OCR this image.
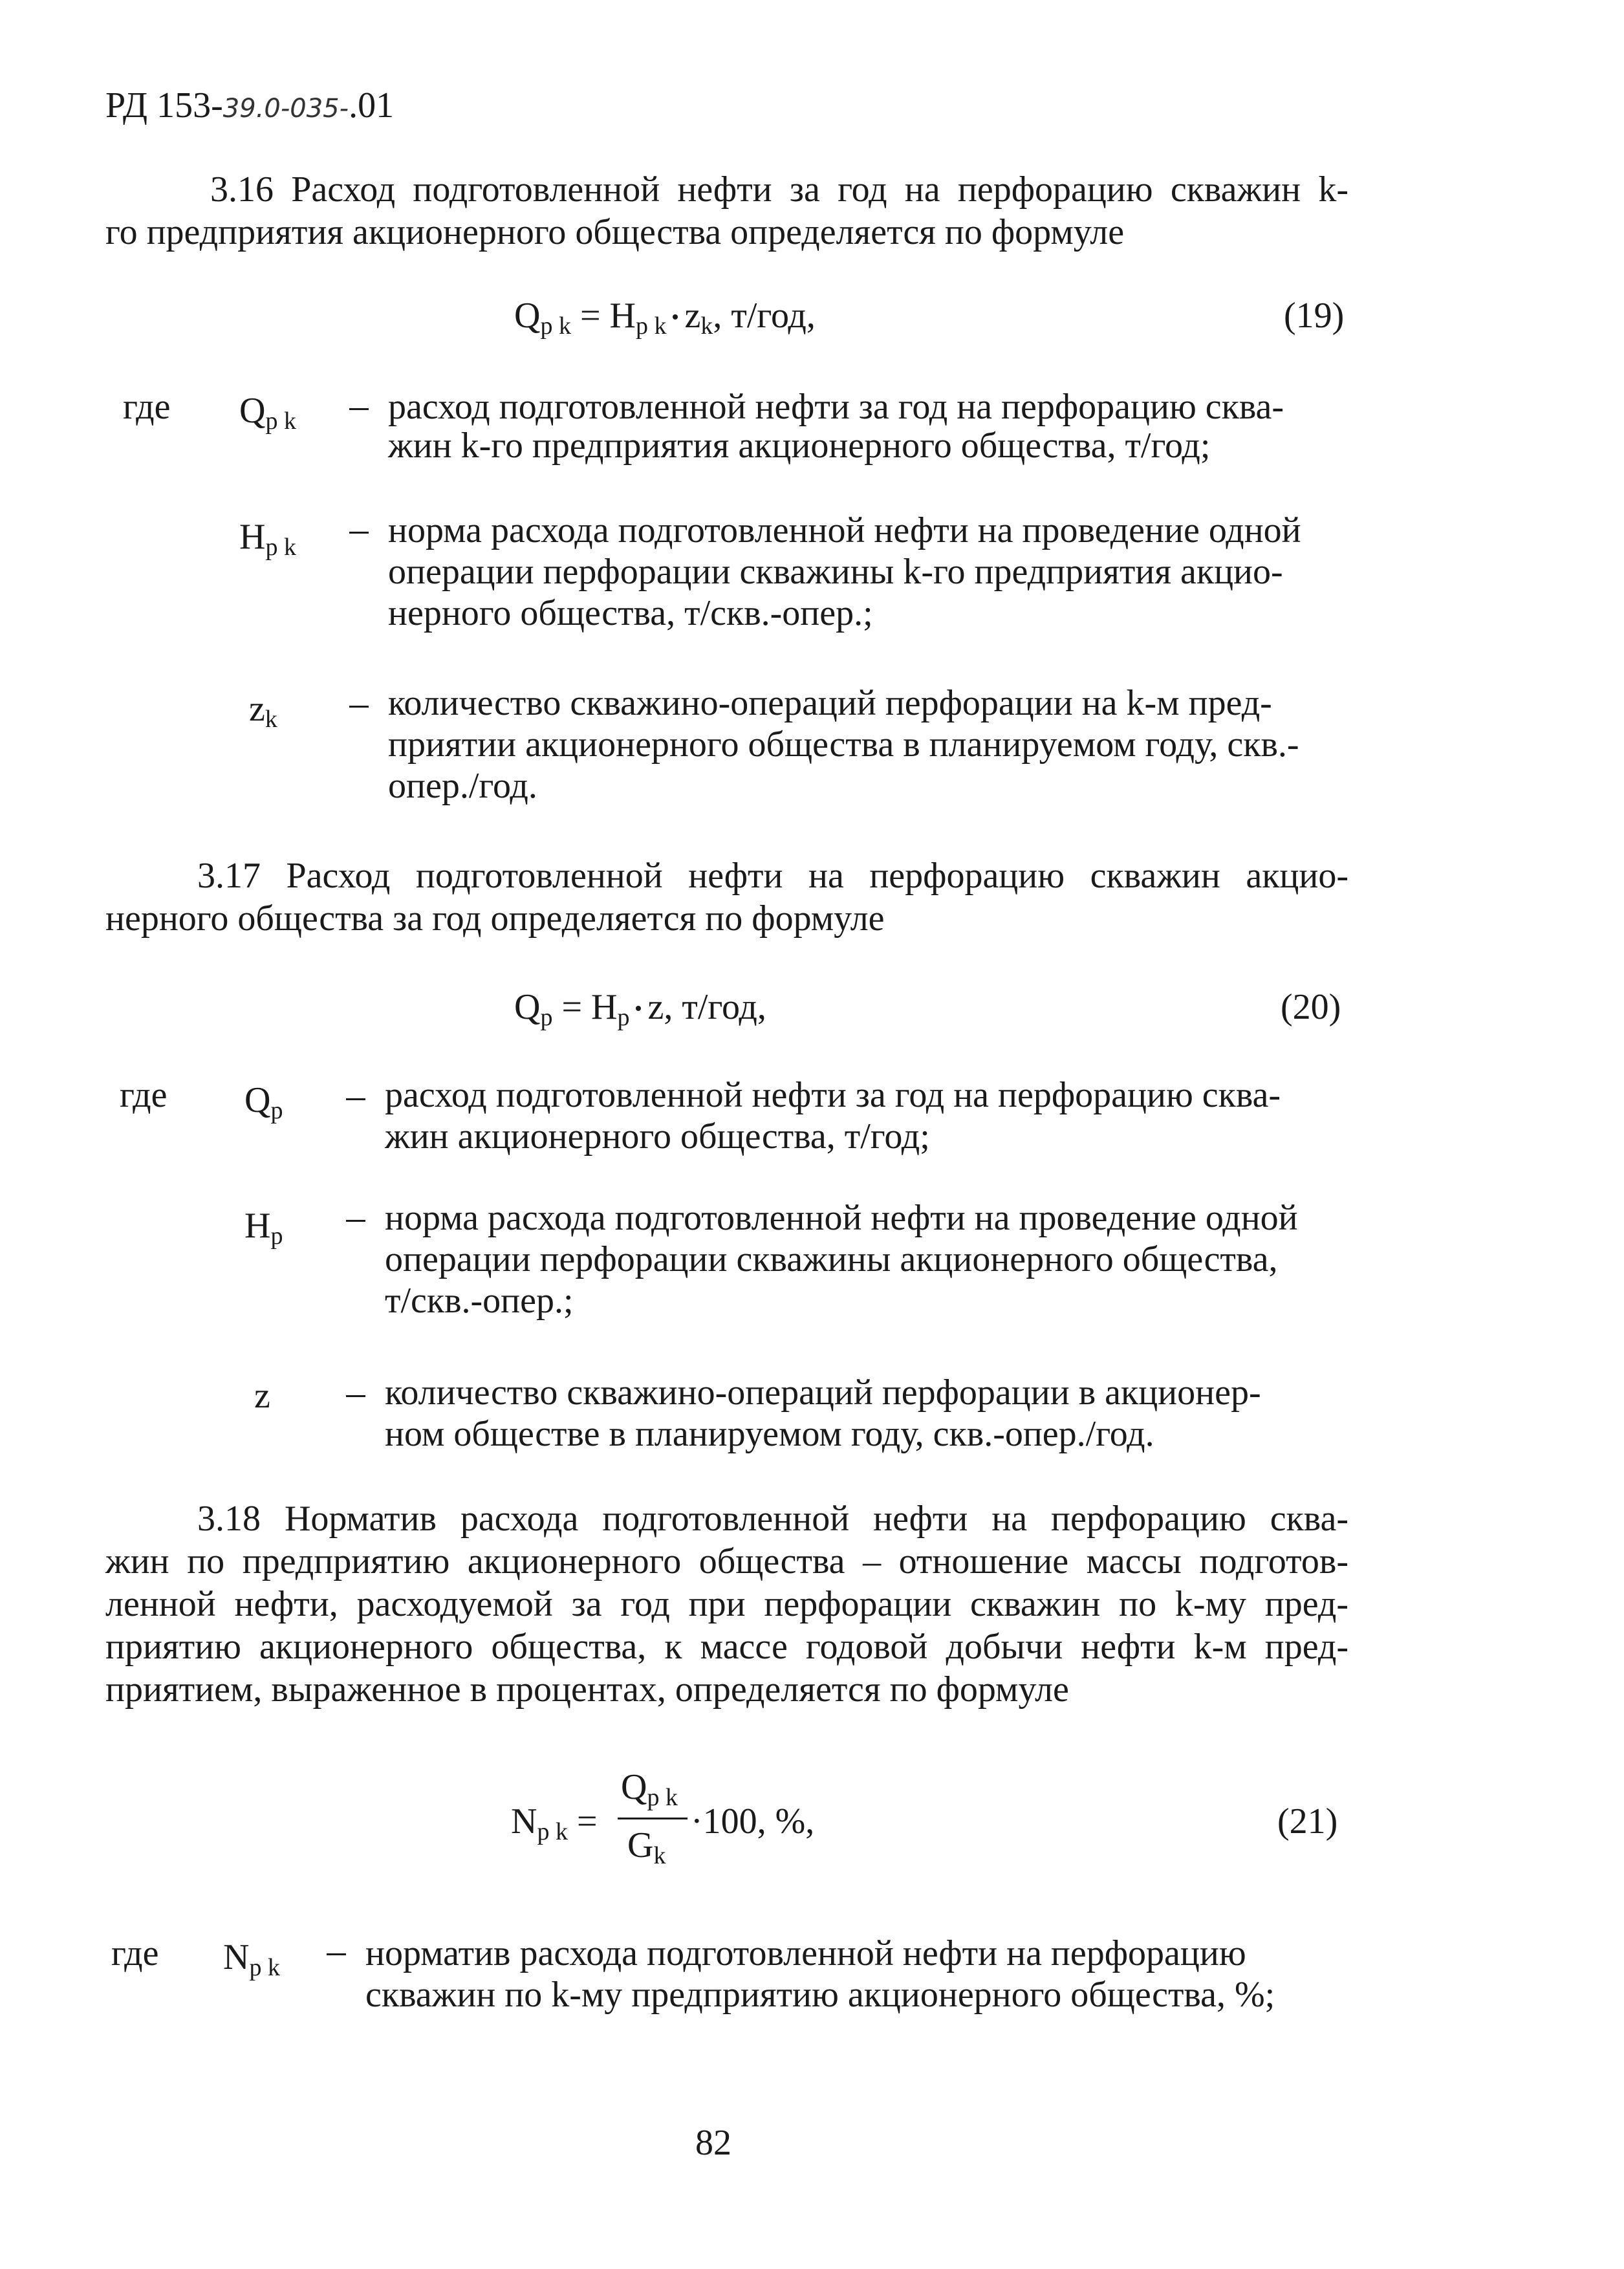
РД 153-39.0-035-.01
3.16 Расход подготовленной нефти за год на перфорацию скважин k-
го предприятия акционерного общества определяется по формуле
$Q_{p k} = H_{p k}$ $z_k$, т/год,	(19)
где $Q_{p k}$	расход подготовленной нефти за год на перфорацию сква-
жин k-го предприятия акционерного общества, т/год;
$H_{p k}$	норма расхода подготовленной нефти на проведение одной
операции перфорации скважины k-го предприятия акцио-
нерного общества, т/скв.-опер.;
$z_k$	количество скважино-операций перфорации на k-м пред-
приятии акционерного общества в планируемом году, скв.-
опер./год.
3.17 Расход подготовленной нефти на перфорацию скважин акцио-
нерного общества за год определяется по формуле
$Q_p = H_p$ z, т/год,	(20)
где $Q_p$	расход подготовленной нефти за год на перфорацию сква-
жин акционерного общества, т/год;
$H_p$	норма расхода подготовленной нефти на проведение одной
операции перфорации скважины акционерного общества,
т/скв.-опер.;
z	количество скважино-операций перфорации в акционер-
ном обществе в планируемом году, скв.-опер./год.
3.18 Норматив расхода подготовленной нефти на перфорацию сква-
жин по предприятию акционерного общества – отношение массы подготов-
ленной нефти, расходуемой за год при перфорации скважин по k-му пред-
приятию акционерного общества, к массе годовой добычи нефти k-м пред-
приятием, выраженное в процентах, определяется по формуле
$N_{p k}$ =
$Q_{p k}$
$G_k$
·100, %,	(21)
где $N_{p k}$ норматив расхода подготовленной нефти на перфорацию
скважин по k-му предприятию акционерного общества, %;
82
